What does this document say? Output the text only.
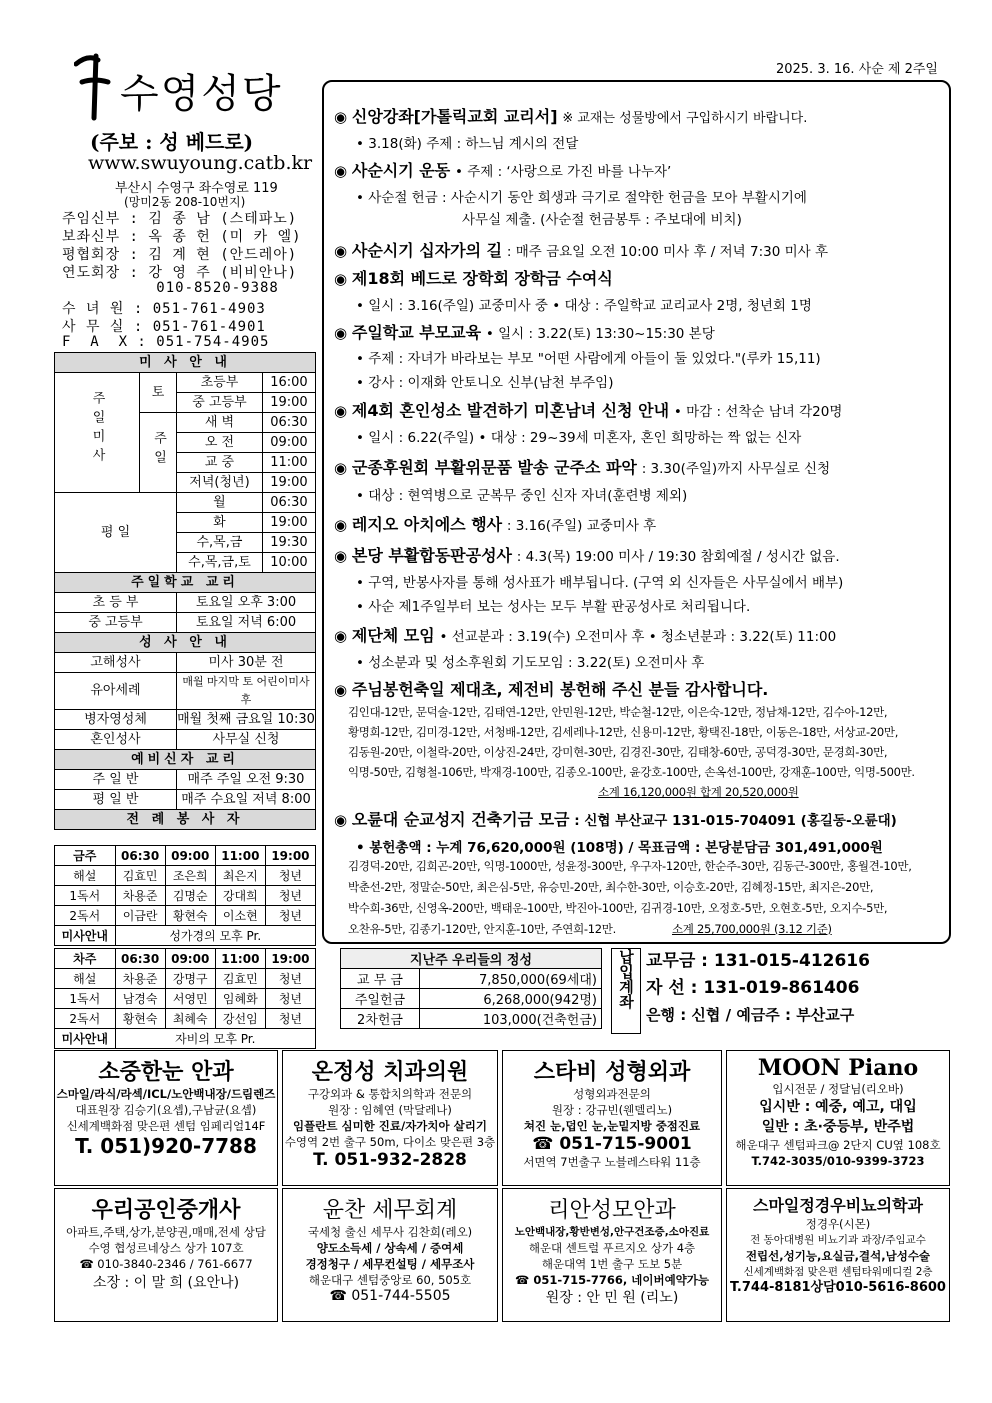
수영성당
(주보 : 성 베드로)
www.swuyoung.catb.kr
부산시 수영구 좌수영로 119
(망미2동 208-10번지)
주임신부 : 김 종 남 (스테파노)
보좌신부 : 옥 종 헌 (미 카 엘)
평협회장 : 김 계 현 (안드레아)
연도회장 : 강 영 주 (비비안나)
010-8520-9388
수 녀 원 : 051-761-4903
사 무 실 : 051-761-4901
F  A  X : 051-754-4905
2025. 3. 16. 사순 제 2주일
미 사 안 내			
주일미사	토	초등부	16:00
		중 고등부	19:00
	주일	새 벽	06:30
		오 전	09:00
		교 중	11:00
		저녁(청년)	19:00
평 일		월	06:30
		화	19:00
		수,목,금	19:30
		수,목,금,토	10:00
주일학교 교리			
초 등 부		토요일 오후 3:00	
중 고등부		토요일 저녁 6:00	
성 사 안 내			
고해성사		미사 30분 전	
유아세례		매월 마지막 토 어린이미사 후	
병자영성체		매월 첫째 금요일 10:30	
혼인성사		사무실 신청	
예비신자 교리			
주 일 반		매주 주일 오전 9:30	
평 일 반		매주 수요일 저녁 8:00	
전 례 봉 사 자			
금주	06:30	09:00	11:00	19:00
해설	김효민	조은희	최은지	청년
1독서	차용준	김명순	강대희	청년
2독서	이금란	황현숙	이소현	청년
미사안내	성가경의 모후 Pr.			
차주	06:30	09:00	11:00	19:00
해설	차용준	강명구	김효민	청년
1독서	남경숙	서영민	임혜화	청년
2독서	황현숙	최혜숙	강선임	청년
미사안내	자비의 모후 Pr.			
◉ 신앙강좌[가톨릭교회 교리서] ※ 교재는 성물방에서 구입하시기 바랍니다.
• 3.18(화) 주제 : 하느님 계시의 전달
◉ 사순시기 운동 • 주제 : ‘사랑으로 가진 바를 나누자’
• 사순절 헌금 : 사순시기 동안 희생과 극기로 절약한 헌금을 모아 부활시기에
사무실 제출. (사순절 헌금봉투 : 주보대에 비치)
◉ 사순시기 십자가의 길 : 매주 금요일 오전 10:00 미사 후 / 저녁 7:30 미사 후
◉ 제18회 베드로 장학회 장학금 수여식
• 일시 : 3.16(주일) 교중미사 중 • 대상 : 주일학교 교리교사 2명, 청년회 1명
◉ 주일학교 부모교육 • 일시 : 3.22(토) 13:30~15:30 본당
• 주제 : 자녀가 바라보는 부모 "어떤 사람에게 아들이 둘 있었다."(루카 15,11)
• 강사 : 이재화 안토니오 신부(남천 부주임)
◉ 제4회 혼인성소 발견하기 미혼남녀 신청 안내 • 마감 : 선착순 남녀 각20명
• 일시 : 6.22(주일) • 대상 : 29~39세 미혼자, 혼인 희망하는 짝 없는 신자
◉ 군종후원회 부활위문품 발송 군주소 파악 : 3.30(주일)까지 사무실로 신청
• 대상 : 현역병으로 군복무 중인 신자 자녀(훈련병 제외)
◉ 레지오 아치에스 행사 : 3.16(주일) 교중미사 후
◉ 본당 부활합동판공성사 : 4.3(목) 19:00 미사 / 19:30 참회예절 / 성시간 없음.
• 구역, 반봉사자를 통해 성사표가 배부됩니다. (구역 외 신자들은 사무실에서 배부)
• 사순 제1주일부터 보는 성사는 모두 부활 판공성사로 처리됩니다.
◉ 제단체 모임 • 선교분과 : 3.19(수) 오전미사 후 • 청소년분과 : 3.22(토) 11:00
• 성소분과 및 성소후원회 기도모임 : 3.22(토) 오전미사 후
◉ 주님봉헌축일 제대초, 제전비 봉헌해 주신 분들 감사합니다.
김인대-12만, 문덕술-12만, 김태연-12만, 안민원-12만, 박순철-12만, 이은숙-12만, 정남채-12만, 김수아-12만,
황명희-12만, 김미경-12만, 서청배-12만, 김세레나-12만, 신용미-12만, 황택진-18만, 이동은-18만, 서상교-20만,
김동원-20만, 이철락-20만, 이상진-24만, 강미현-30만, 김경진-30만, 김태창-60만, 공덕경-30만, 문경희-30만,
익명-50만, 김형철-106만, 박재경-100만, 김종오-100만, 윤강호-100만, 손옥선-100만, 강재훈-100만, 익명-500만.
소계 16,120,000원 합계 20,520,000원
◉ 오륜대 순교성지 건축기금 모금 : 신협 부산교구 131-015-704091 (홍길동-오륜대)
• 봉헌총액 : 누계 76,620,000원 (108명) / 목표금액 : 본당분담금 301,491,000원
김경덕-20만, 김희곤-20만, 익명-1000만, 성윤정-300만, 우구자-120만, 한순주-30만, 김동근-300만, 홍월견-10만,
박춘선-2만, 정말순-50만, 최은심-5만, 유승민-20만, 최수한-30만, 이승호-20만, 김혜정-15만, 최지은-20만,
박수희-36만, 신영옥-200만, 백태운-100만, 박진아-100만, 김귀경-10만, 오정호-5만, 오현호-5만, 오지수-5만,
오찬유-5만, 김종기-120만, 안지훈-10만, 주연희-12만.	소계 25,700,000원 (3.12 기준)
지난주 우리들의 정성	
교 무 금	7,850,000(69세대)
주일헌금	6,268,000(942명)
2차헌금	103,000(건축헌금)
납입계좌 교무금 : 131-015-412616
자 선 : 131-019-861406
은행 : 신협 / 예금주 : 부산교구
소중한눈 안과
스마일/라식/라섹/ICL/노안백내장/드림렌즈
대표원장 김승기(요셉),구남균(요셉)
신세계백화점 맞은편 센텀 임페리얼14F
T. 051)920-7788
온정성 치과의원
구강외과 & 통합치의학과 전문의
원장 : 임혜연 (막달레나)
임플란트 심미한 진료/자가치아 살리기
수영역 2번 출구 50m, 다이소 맞은편 3층
T. 051-932-2828
스타비 성형외과
성형외과전문의
원장 : 강규빈(웬델리노)
쳐진 눈,덥인 눈,눈밑지방 중점진료
☎ 051-715-9001
서면역 7번출구 노블레스타워 11층
MOON Piano
입시전문 / 정달님(리오바)
입시반 : 예중, 예고, 대입
일반 : 초·중등부, 반주법
해운대구 센텀파크@ 2단지 CU옆 108호
T.742-3035/010-9399-3723
우리공인중개사
아파트,주택,상가,분양권,매매,전세 상담
수영 협성르네상스 상가 107호
☎ 010-3840-2346 / 761-6677
소장 : 이 말 희 (요안나)
윤찬 세무회계
국세청 출신 세무사 김찬희(레오)
양도소득세 / 상속세 / 증여세
경정청구 / 세무컨설팅 / 세무조사
해운대구 센텀중앙로 60, 505호
☎ 051-744-5505
리안성모안과
노안백내장,황반변성,안구건조증,소아진료
해운대 센트럴 푸르지오 상가 4층
해운대역 1번 출구 도보 5분
☎ 051-715-7766, 네이버예약가능
원장 : 안 민 원 (리노)
스마일정경우비뇨의학과
정경우(시몬)
전 동아대병원 비뇨기과 과장/주임교수
전립선,성기능,요실금,결석,남성수술
신세계백화점 맞은편 센텀타워메디컬 2층
T.744-8181상담010-5616-8600
